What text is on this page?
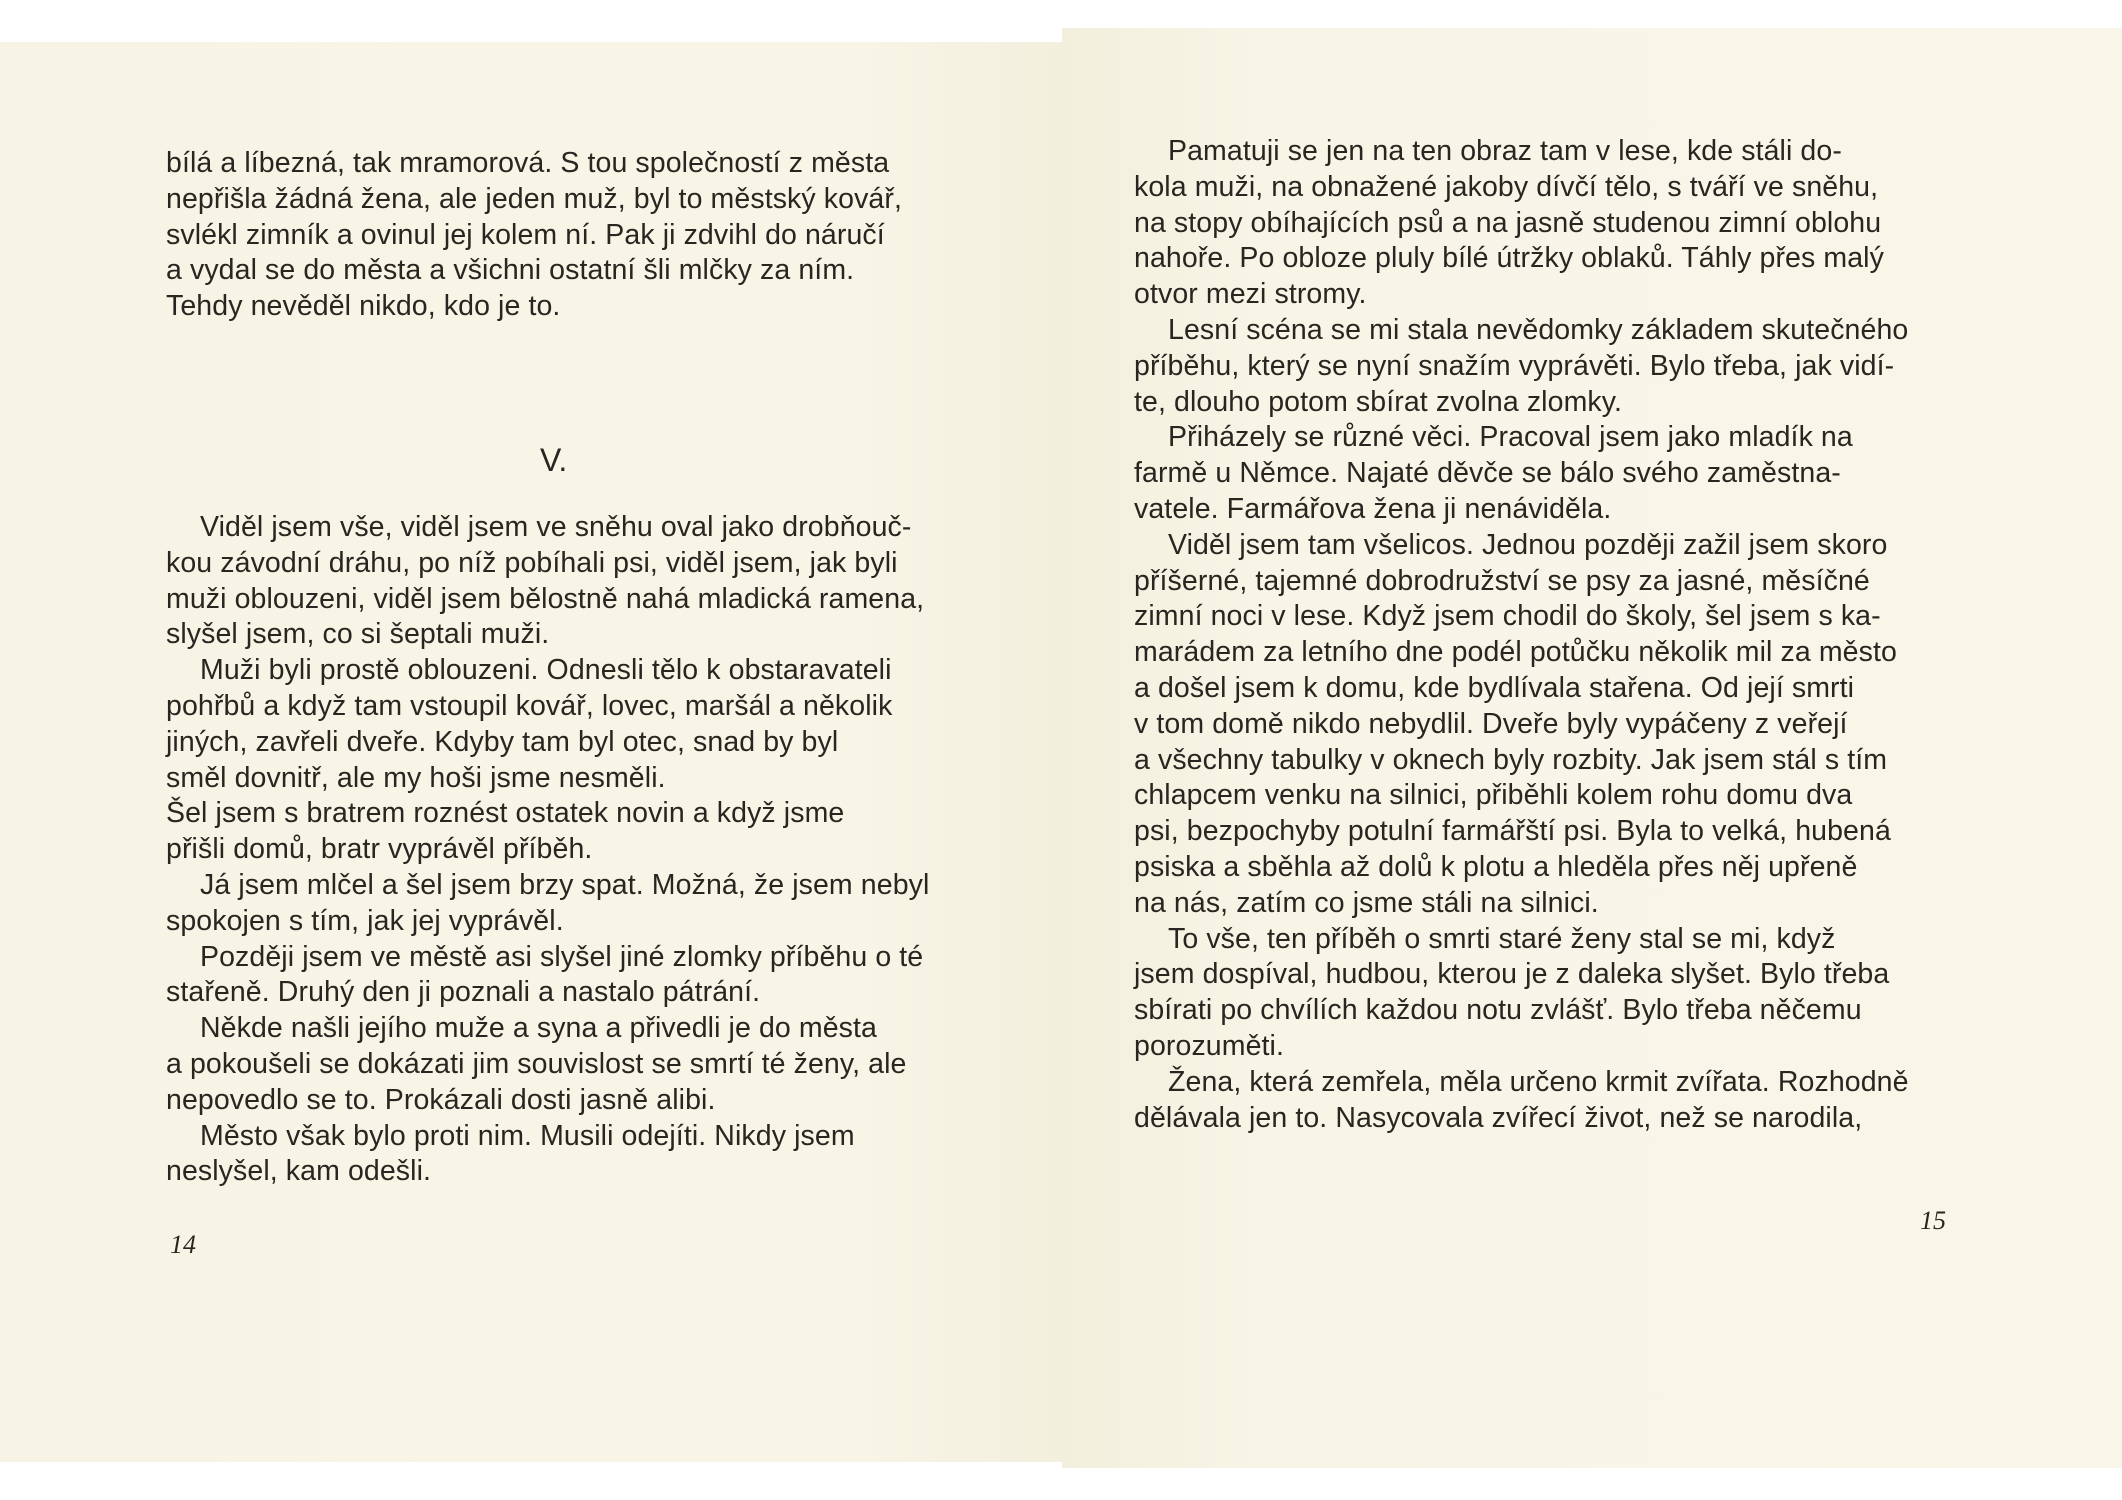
bílá a líbezná, tak mramorová. S tou společností z města
nepřišla žádná žena, ale jeden muž, byl to městský kovář,
svlékl zimník a ovinul jej kolem ní. Pak ji zdvihl do náručí
a vydal se do města a všichni ostatní šli mlčky za ním.
Tehdy nevěděl nikdo, kdo je to.

V.

Viděl jsem vše, viděl jsem ve sněhu oval jako drobňouč-
kou závodní dráhu, po níž pobíhali psi, viděl jsem, jak byli
muži oblouzeni, viděl jsem bělostně nahá mladická ramena,
slyšel jsem, co si šeptali muži.

Muži byli prostě oblouzeni. Odnesli tělo k obstaravateli
pohřbů a když tam vstoupil kovář, lovec, maršál a několik
jiných, zavřeli dveře. Kdyby tam byl otec, snad by byl
směl dovnitř, ale my hoši jsme nesměli.

Šel jsem s bratrem roznést ostatek novin a když jsme
přišli domů, bratr vyprávěl příběh.

Já jsem mlčel a šel jsem brzy spat. Možná, že jsem nebyl
spokojen s tím, jak jej vyprávěl.

Později jsem ve městě asi slyšel jiné zlomky příběhu o té
stařeně. Druhý den ji poznali a nastalo pátrání.

Někde našli jejího muže a syna a přivedli je do města
a pokoušeli se dokázati jim souvislost se smrtí té ženy, ale
nepovedlo se to. Prokázali dosti jasně alibi.

Město však bylo proti nim. Musili odejíti. Nikdy jsem
neslyšel, kam odešli.

14

Pamatuji se jen na ten obraz tam v lese, kde stáli do-
kola muži, na obnažené jakoby dívčí tělo, s tváří ve sněhu,
na stopy obíhajících psů a na jasně studenou zimní oblohu
nahoře. Po obloze pluly bílé útržky oblaků. Táhly přes malý
otvor mezi stromy.

Lesní scéna se mi stala nevědomky základem skutečného
příběhu, který se nyní snažím vyprávěti. Bylo třeba, jak vidí-
te, dlouho potom sbírat zvolna zlomky.

Přiházely se různé věci. Pracoval jsem jako mladík na
farmě u Němce. Najaté děvče se bálo svého zaměstna-
vatele. Farmářova žena ji nenáviděla.

Viděl jsem tam všelicos. Jednou později zažil jsem skoro
příšerné, tajemné dobrodružství se psy za jasné, měsíčné
zimní noci v lese. Když jsem chodil do školy, šel jsem s ka-
marádem za letního dne podél potůčku několik mil za město
a došel jsem k domu, kde bydlívala stařena. Od její smrti
v tom domě nikdo nebydlil. Dveře byly vypáčeny z veřejí
a všechny tabulky v oknech byly rozbity. Jak jsem stál s tím
chlapcem venku na silnici, přiběhli kolem rohu domu dva
psi, bezpochyby potulní farmářští psi. Byla to velká, hubená
psiska a sběhla až dolů k plotu a hleděla přes něj upřeně
na nás, zatím co jsme stáli na silnici.

To vše, ten příběh o smrti staré ženy stal se mi, když
jsem dospíval, hudbou, kterou je z daleka slyšet. Bylo třeba
sbírati po chvílích každou notu zvlášť. Bylo třeba něčemu
porozuměti.

Žena, která zemřela, měla určeno krmit zvířata. Rozhodně
dělávala jen to. Nasycovala zvířecí život, než se narodila,

15
